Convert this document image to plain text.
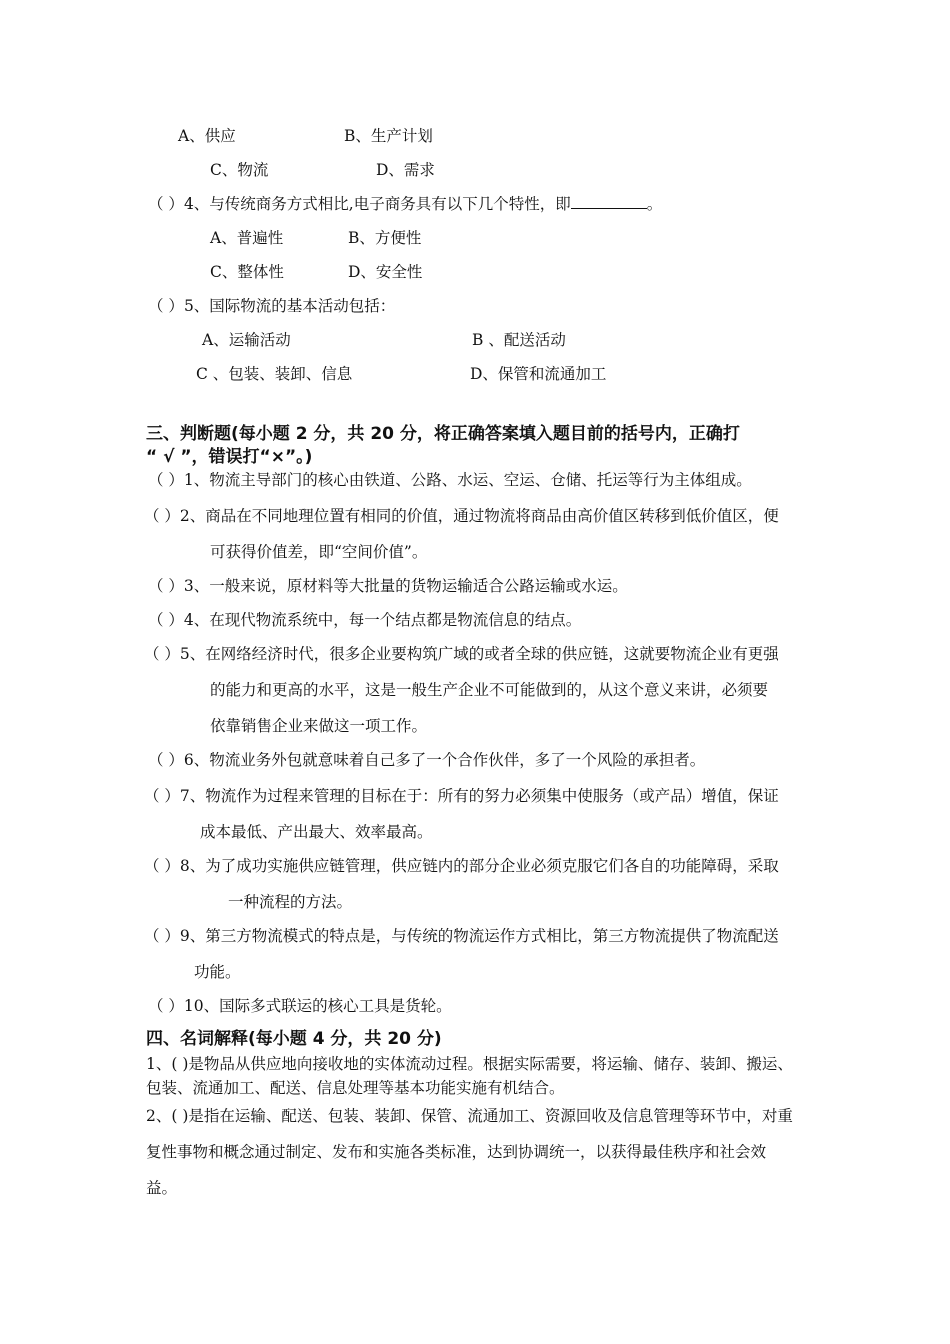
A、供应	B、生产计划
C、物流	D、需求
（ ）4、与传统商务方式相比,电子商务具有以下几个特性，即	。
A、普遍性	B、方便性
C、整体性	D、安全性
（ ）5、国际物流的基本活动包括：
A、运输活动	B 、配送活动
C 、包装、装卸、信息	D、保管和流通加工
三、判断题(每小题 2 分，共 20 分，将正确答案填入题目前的括号内，正确打
“ √ ”，错误打“×”。)
（ ）1、物流主导部门的核心由铁道、公路、水运、空运、仓储、托运等行为主体组成。
（ ）2、商品在不同地理位置有相同的价值，通过物流将商品由高价值区转移到低价值区，便
可获得价值差，即“空间价值”。
（ ）3、一般来说，原材料等大批量的货物运输适合公路运输或水运。
（ ）4、在现代物流系统中，每一个结点都是物流信息的结点。
（ ）5、在网络经济时代，很多企业要构筑广域的或者全球的供应链，这就要物流企业有更强
的能力和更高的水平，这是一般生产企业不可能做到的，从这个意义来讲，必须要
依靠销售企业来做这一项工作。
（ ）6、物流业务外包就意味着自己多了一个合作伙伴，多了一个风险的承担者。
（ ）7、物流作为过程来管理的目标在于：所有的努力必须集中使服务（或产品）增值，保证
成本最低、产出最大、效率最高。
（ ）8、为了成功实施供应链管理，供应链内的部分企业必须克服它们各自的功能障碍，采取
一种流程的方法。
（ ）9、第三方物流模式的特点是，与传统的物流运作方式相比，第三方物流提供了物流配送
功能。
（ ）10、国际多式联运的核心工具是货轮。
四、名词解释(每小题 4 分，共 20 分)
1、( )是物品从供应地向接收地的实体流动过程。根据实际需要，将运输、储存、装卸、搬运、
包装、流通加工、配送、信息处理等基本功能实施有机结合。
2、( )是指在运输、配送、包装、装卸、保管、流通加工、资源回收及信息管理等环节中，对重
复性事物和概念通过制定、发布和实施各类标准，达到协调统一，以获得最佳秩序和社会效
益。
